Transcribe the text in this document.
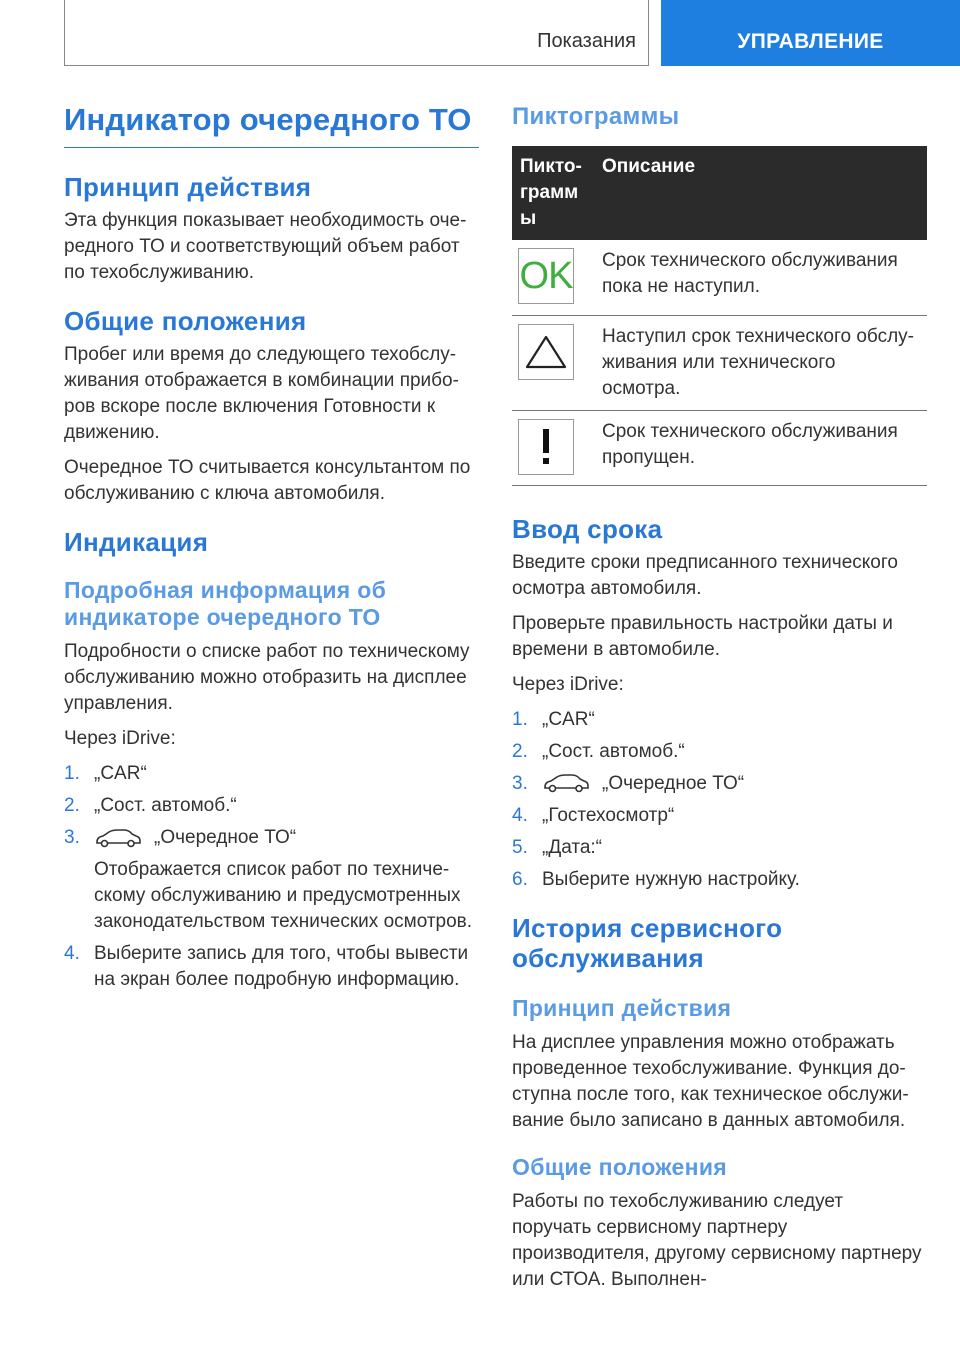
Показания	УПРАВЛЕНИЕ
Индикатор очередного ТО
Принцип действия

Эта функция показывает необходимость оче-редного ТО и соответствующий объем работ по техобслуживанию.

Общие положения

Пробег или время до следующего техобслу-живания отображается в комбинации прибо-ров вскоре после включения Готовности к движению.

Очередное ТО считывается консультантом по обслуживанию с ключа автомобиля.

Индикация
Подробная информация об индикаторе очередного ТО

Подробности о списке работ по техническому обслуживанию можно отобразить на дисплее управления.

Через iDrive:

1. „CAR“
2. „Сост. автомоб.“
3.	„Очередное ТО“
Отображается список работ по техниче-скому обслуживанию и предусмотренных законодательством технических осмотров.
4. Выберите запись для того, чтобы вывести на экран более подробную информацию.
Пиктограммы
Пикто-грамм ы	Описание

OK	Срок технического обслуживания пока не наступил.

	Наступил срок технического обслу-живания или технического осмотра.

	Срок технического обслуживания пропущен.
Ввод срока

Введите сроки предписанного технического осмотра автомобиля.

Проверьте правильность настройки даты и времени в автомобиле.

Через iDrive:

1. „CAR“
2. „Сост. автомоб.“
3.	„Очередное ТО“
4. „Гостехосмотр“
5. „Дата:“
6. Выберите нужную настройку.
История сервисного обслуживания
Принцип действия

На дисплее управления можно отображать проведенное техобслуживание. Функция до-ступна после того, как техническое обслужи-вание было записано в данных автомобиля.

Общие положения

Работы по техобслуживанию следует поручать сервисному партнеру производителя, другому сервисному партнеру или СТОА. Выполнен-
